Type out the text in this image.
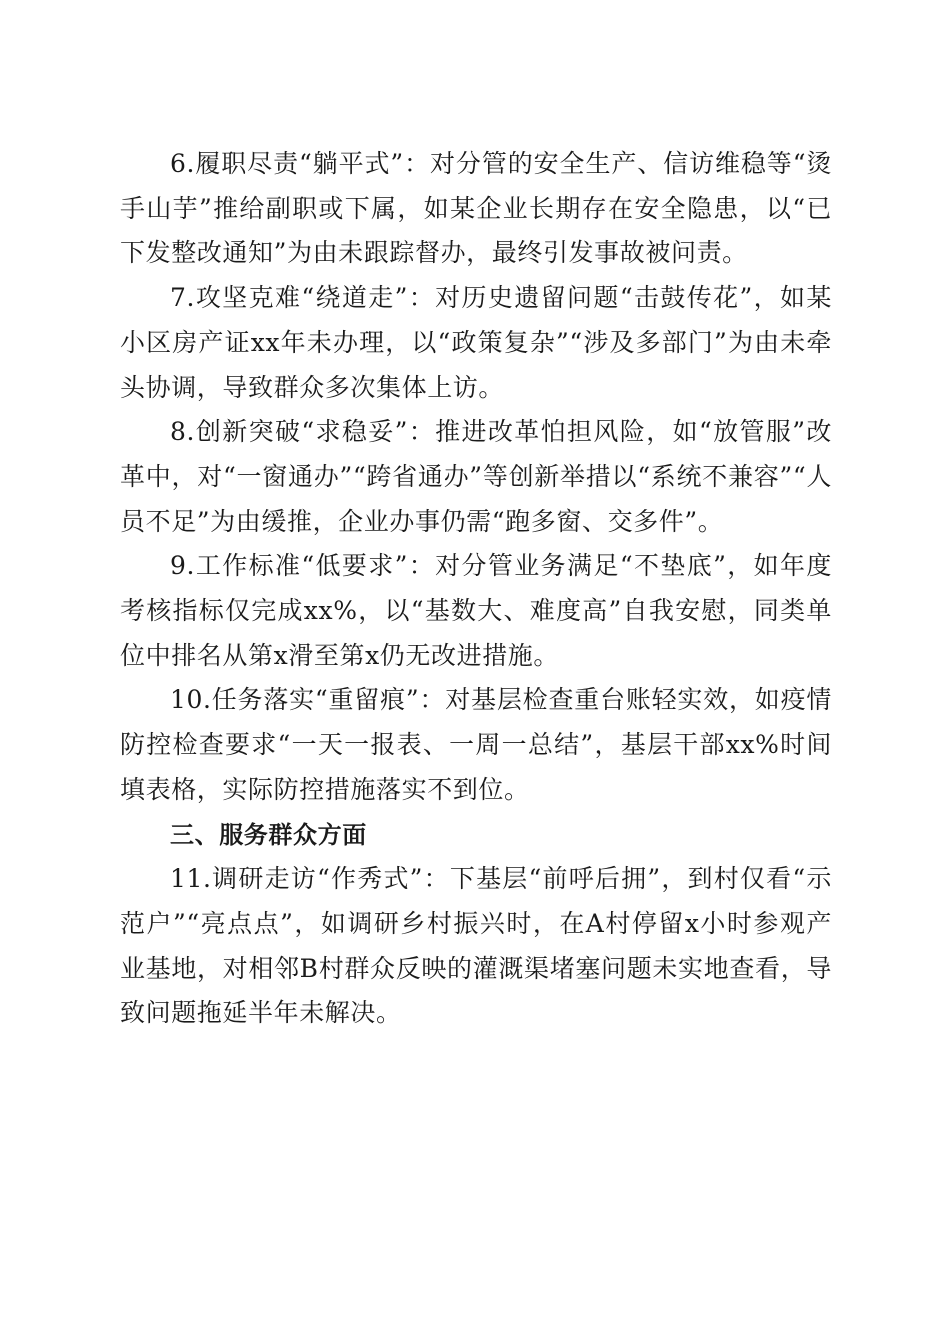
6.履职尽责“躺平式”：对分管的安全生产、信访维稳等“烫手山芋”推给副职或下属，如某企业长期存在安全隐患，以“已下发整改通知”为由未跟踪督办，最终引发事故被问责。

7.攻坚克难“绕道走”：对历史遗留问题“击鼓传花”，如某小区房产证xx年未办理，以“政策复杂”“涉及多部门”为由未牵头协调，导致群众多次集体上访。

8.创新突破“求稳妥”：推进改革怕担风险，如“放管服”改革中，对“一窗通办”“跨省通办”等创新举措以“系统不兼容”“人员不足”为由缓推，企业办事仍需“跑多窗、交多件”。

9.工作标准“低要求”：对分管业务满足“不垫底”，如年度考核指标仅完成xx%，以“基数大、难度高”自我安慰，同类单位中排名从第x滑至第x仍无改进措施。

10.任务落实“重留痕”：对基层检查重台账轻实效，如疫情防控检查要求“一天一报表、一周一总结”，基层干部xx%时间填表格，实际防控措施落实不到位。

三、服务群众方面

11.调研走访“作秀式”：下基层“前呼后拥”，到村仅看“示范户”“亮点点”，如调研乡村振兴时，在A村停留x小时参观产业基地，对相邻B村群众反映的灌溉渠堵塞问题未实地查看，导致问题拖延半年未解决。
